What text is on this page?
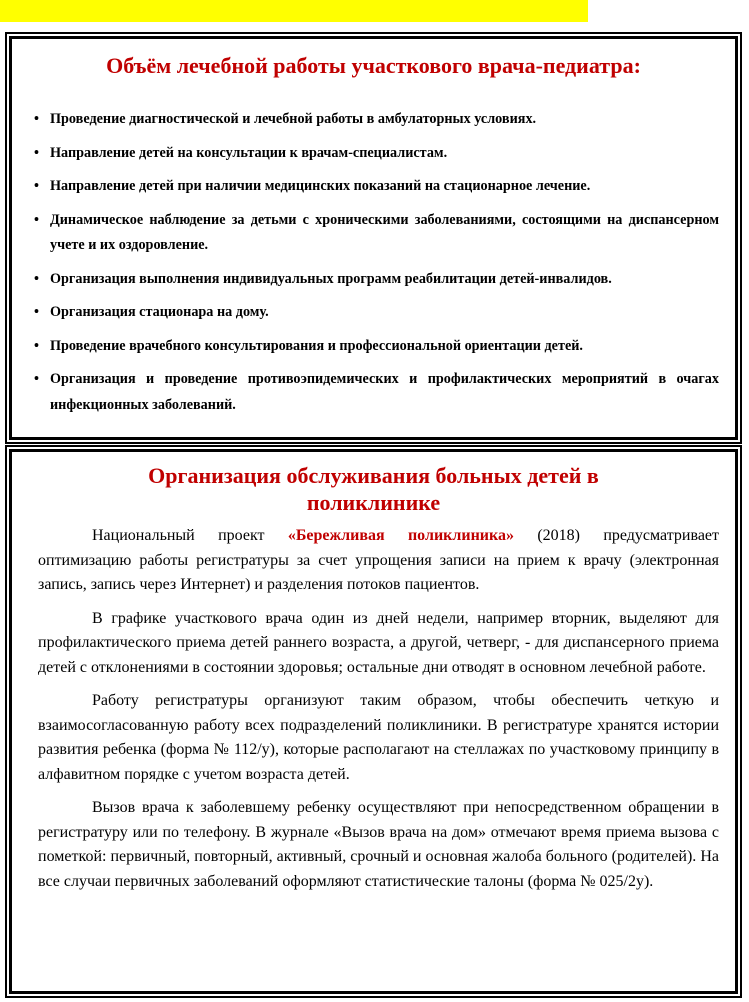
Объём лечебной работы участкового врача-педиатра:
• Проведение диагностической и лечебной работы в амбулаторных условиях.
• Направление детей на консультации к врачам-специалистам.
• Направление детей при наличии медицинских показаний на стационарное лечение.
• Динамическое наблюдение за детьми с хроническими заболеваниями, состоящими на диспансерном учете и их оздоровление.
• Организация выполнения индивидуальных программ реабилитации детей-инвалидов.
• Организация стационара на дому.
• Проведение врачебного консультирования и профессиональной ориентации детей.
• Организация и проведение противоэпидемических и профилактических мероприятий в очагах инфекционных заболеваний.
Организация обслуживания больных детей в поликлинике

Национальный проект «Бережливая поликлиника» (2018) предусматривает оптимизацию работы регистратуры за счет упрощения записи на прием к врачу (электронная запись, запись через Интернет) и разделения потоков пациентов.

В графике участкового врача один из дней недели, например вторник, выделяют для профилактического приема детей раннего возраста, а другой, четверг, - для диспансерного приема детей с отклонениями в состоянии здоровья; остальные дни отводят в основном лечебной работе.

Работу регистратуры организуют таким образом, чтобы обеспечить четкую и взаимосогласованную работу всех подразделений поликлиники. В регистратуре хранятся истории развития ребенка (форма № 112/у), которые располагают на стеллажах по участковому принципу в алфавитном порядке с учетом возраста детей.

Вызов врача к заболевшему ребенку осуществляют при непосредственном обращении в регистратуру или по телефону. В журнале «Вызов врача на дом» отмечают время приема вызова с пометкой: первичный, повторный, активный, срочный и основная жалоба больного (родителей). На все случаи первичных заболеваний оформляют статистические талоны (форма № 025/2у).
